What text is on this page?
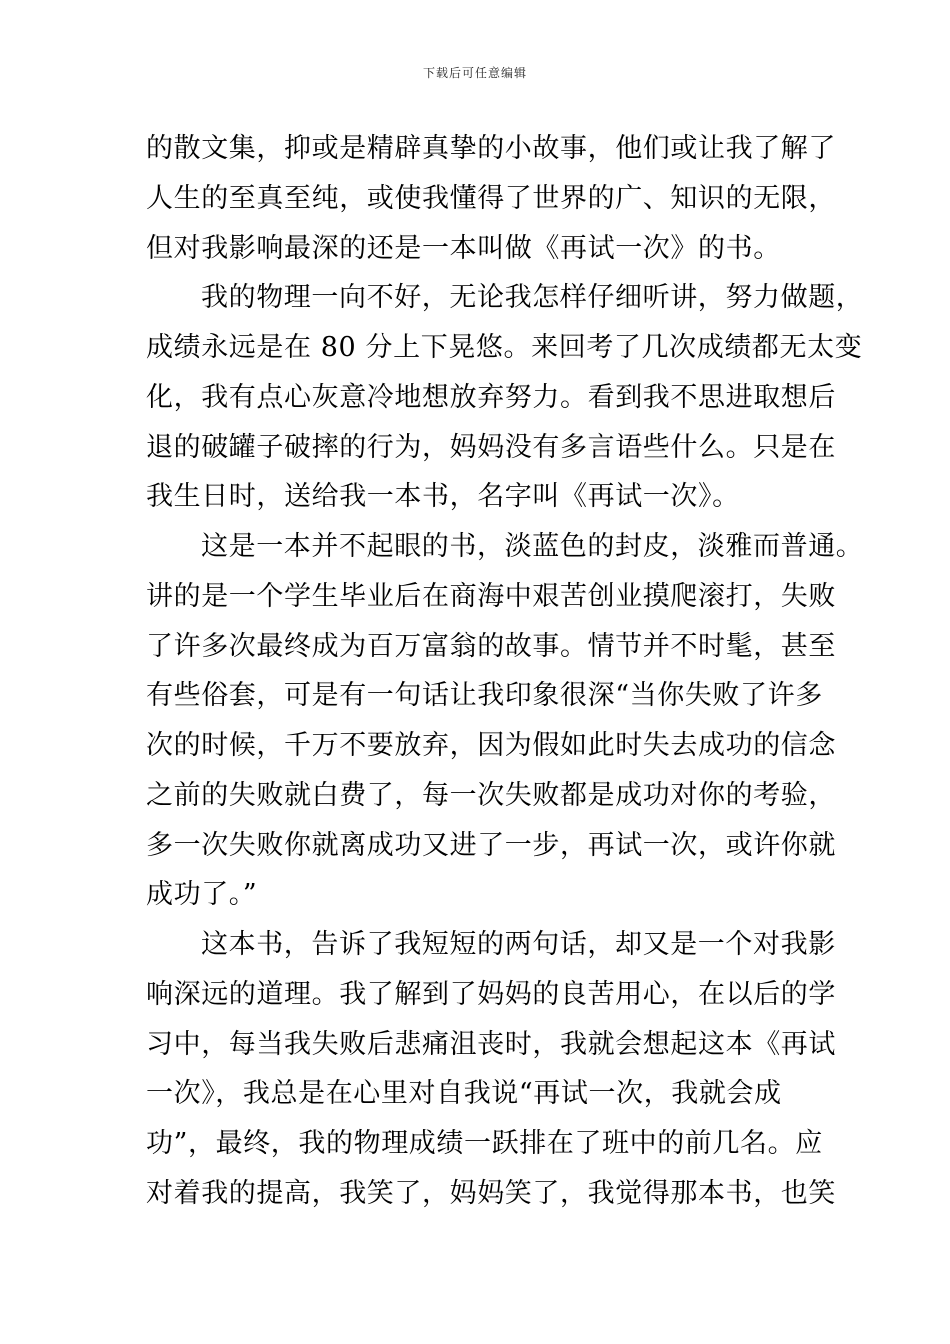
下载后可任意编辑
的散文集，抑或是精辟真挚的小故事，他们或让我了解了
人生的至真至纯，或使我懂得了世界的广、知识的无限，
但对我影响最深的还是一本叫做《再试一次》的书。
我的物理一向不好，无论我怎样仔细听讲，努力做题，
成绩永远是在 80 分上下晃悠。来回考了几次成绩都无太变
化，我有点心灰意冷地想放弃努力。看到我不思进取想后
退的破罐子破摔的行为，妈妈没有多言语些什么。只是在
我生日时，送给我一本书，名字叫《再试一次》。
这是一本并不起眼的书，淡蓝色的封皮，淡雅而普通。
讲的是一个学生毕业后在商海中艰苦创业摸爬滚打，失败
了许多次最终成为百万富翁的故事。情节并不时髦，甚至
有些俗套，可是有一句话让我印象很深“当你失败了许多
次的时候，千万不要放弃，因为假如此时失去成功的信念
之前的失败就白费了，每一次失败都是成功对你的考验，
多一次失败你就离成功又进了一步，再试一次，或许你就
成功了。”
这本书，告诉了我短短的两句话，却又是一个对我影
响深远的道理。我了解到了妈妈的良苦用心，在以后的学
习中，每当我失败后悲痛沮丧时，我就会想起这本《再试
一次》，我总是在心里对自我说“再试一次，我就会成
功”，最终，我的物理成绩一跃排在了班中的前几名。应
对着我的提高，我笑了，妈妈笑了，我觉得那本书，也笑
